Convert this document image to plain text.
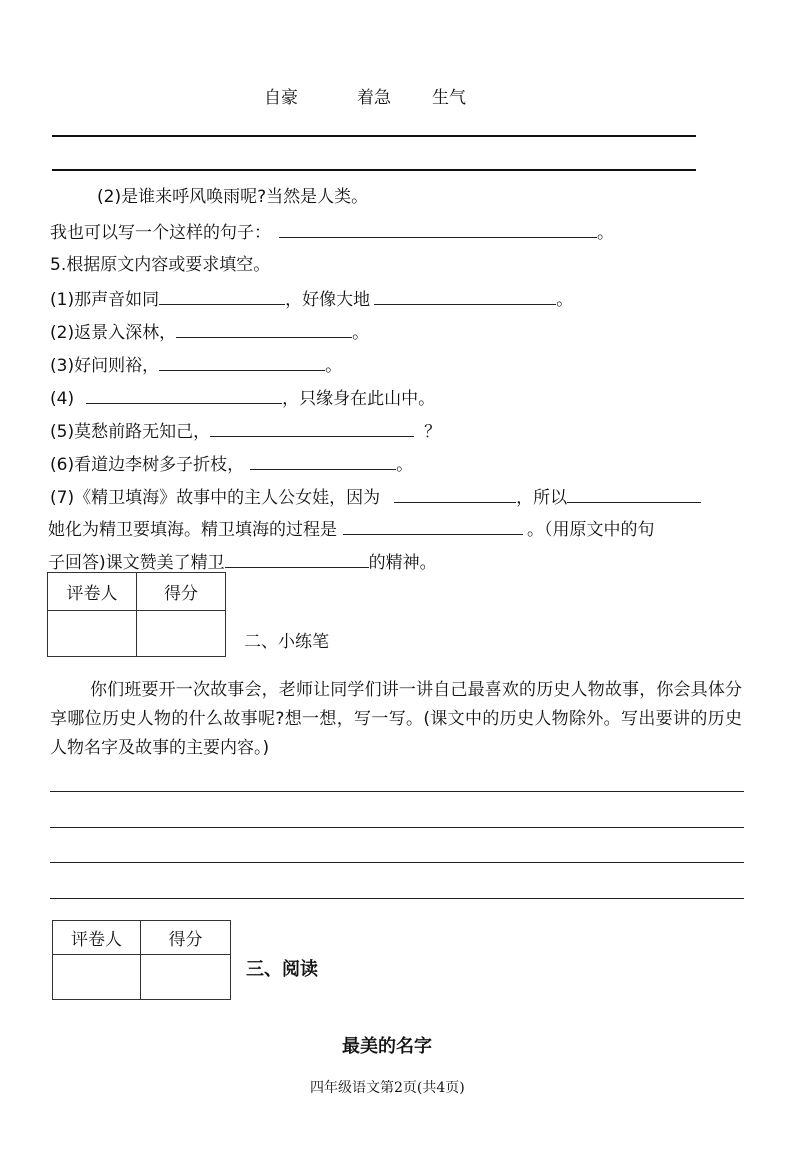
自豪	着急 生气
(2)是谁来呼风唤雨呢?当然是人类。
我也可以写一个这样的句子：	。
5.根据原文内容或要求填空。
(1)那声音如同	，好像大地	。
(2)返景入深林，	。
(3)好问则裕，	。
(4)	，只缘身在此山中。
(5)莫愁前路无知己，	？
(6)看道边李树多子折枝，	。
(7)《精卫填海》故事中的主人公女娃，因为	，所以
她化为精卫要填海。精卫填海的过程是	。（用原文中的句
子回答)课文赞美了精卫	的精神。
评卷人	得分

二、小练笔
你们班要开一次故事会，老师让同学们讲一讲自己最喜欢的历史人物故事，你会具体分享哪位历史人物的什么故事呢?想一想，写一写。(课文中的历史人物除外。写出要讲的历史人物名字及故事的主要内容。)
评卷人	得分

三、阅读
最美的名字
四年级语文第2页(共4页)
